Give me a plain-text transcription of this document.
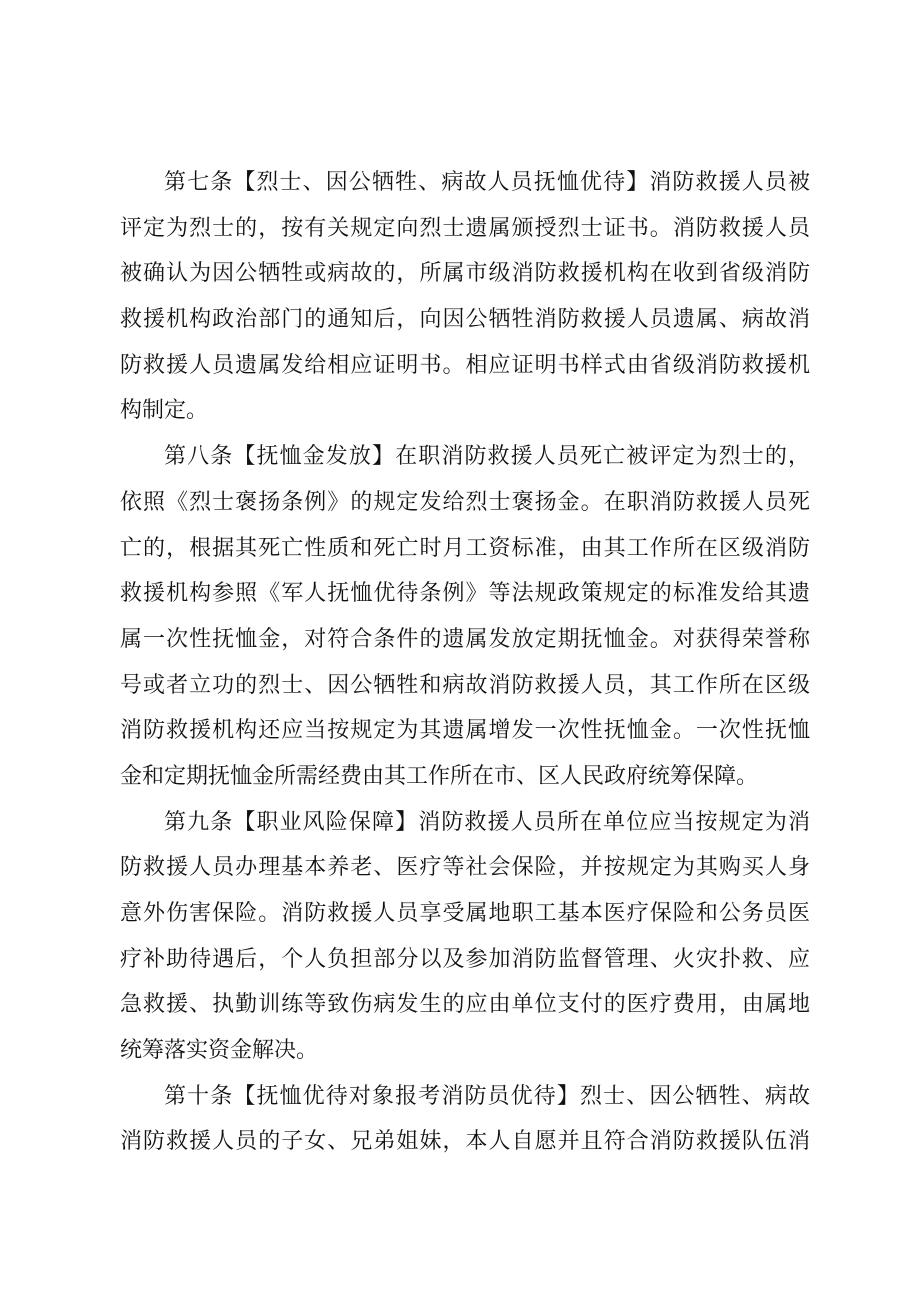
第七条【烈士、因公牺牲、病故人员抚恤优待】消防救援人员被
评定为烈士的，按有关规定向烈士遗属颁授烈士证书。消防救援人员
被确认为因公牺牲或病故的，所属市级消防救援机构在收到省级消防
救援机构政治部门的通知后，向因公牺牲消防救援人员遗属、病故消
防救援人员遗属发给相应证明书。相应证明书样式由省级消防救援机
构制定。
第八条【抚恤金发放】在职消防救援人员死亡被评定为烈士的，
依照《烈士褒扬条例》的规定发给烈士褒扬金。在职消防救援人员死
亡的，根据其死亡性质和死亡时月工资标准，由其工作所在区级消防
救援机构参照《军人抚恤优待条例》等法规政策规定的标准发给其遗
属一次性抚恤金，对符合条件的遗属发放定期抚恤金。对获得荣誉称
号或者立功的烈士、因公牺牲和病故消防救援人员，其工作所在区级
消防救援机构还应当按规定为其遗属增发一次性抚恤金。一次性抚恤
金和定期抚恤金所需经费由其工作所在市、区人民政府统筹保障。
第九条【职业风险保障】消防救援人员所在单位应当按规定为消
防救援人员办理基本养老、医疗等社会保险，并按规定为其购买人身
意外伤害保险。消防救援人员享受属地职工基本医疗保险和公务员医
疗补助待遇后，个人负担部分以及参加消防监督管理、火灾扑救、应
急救援、执勤训练等致伤病发生的应由单位支付的医疗费用，由属地
统筹落实资金解决。
第十条【抚恤优待对象报考消防员优待】烈士、因公牺牲、病故
消防救援人员的子女、兄弟姐妹，本人自愿并且符合消防救援队伍消
